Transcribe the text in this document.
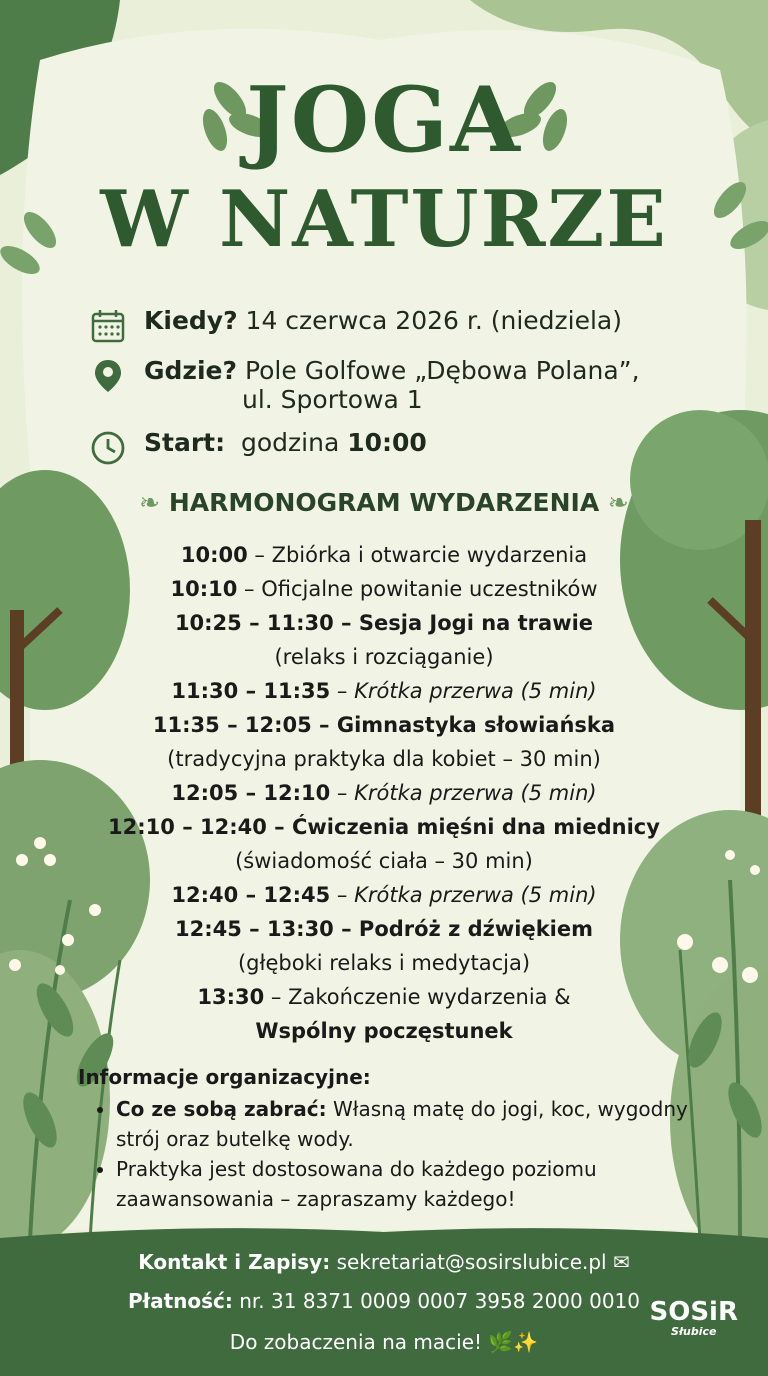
JOGA
W NATURZE
Kiedy? 14 czerwca 2026 r. (niedziela)
Gdzie? Pole Golfowe „Dębowa Polana”,
ul. Sportowa 1
Start: godzina 10:00
❧ HARMONOGRAM WYDARZENIA ❧
10:00 – Zbiórka i otwarcie wydarzenia
10:10 – Oficjalne powitanie uczestników
10:25 – 11:30 – Sesja Jogi na trawie
(relaks i rozciąganie)
11:30 – 11:35 – Krótka przerwa (5 min)
11:35 – 12:05 – Gimnastyka słowiańska
(tradycyjna praktyka dla kobiet – 30 min)
12:05 – 12:10 – Krótka przerwa (5 min)
12:10 – 12:40 – Ćwiczenia mięśni dna miednicy
(świadomość ciała – 30 min)
12:40 – 12:45 – Krótka przerwa (5 min)
12:45 – 13:30 – Podróż z dźwiękiem
(głęboki relaks i medytacja)
13:30 – Zakończenie wydarzenia &
Wspólny poczęstunek
Informacje organizacyjne:
• Co ze sobą zabrać: Własną matę do jogi, koc, wygodny strój oraz butelkę wody.
• Praktyka jest dostosowana do każdego poziomu zaawansowania – zapraszamy każdego!
Kontakt i Zapisy: sekretariat@sosirslubice.pl ✉
Płatność: nr. 31 8371 0009 0007 3958 2000 0010
Do zobaczenia na macie! 🌿✨
SOSiR
Słubice
